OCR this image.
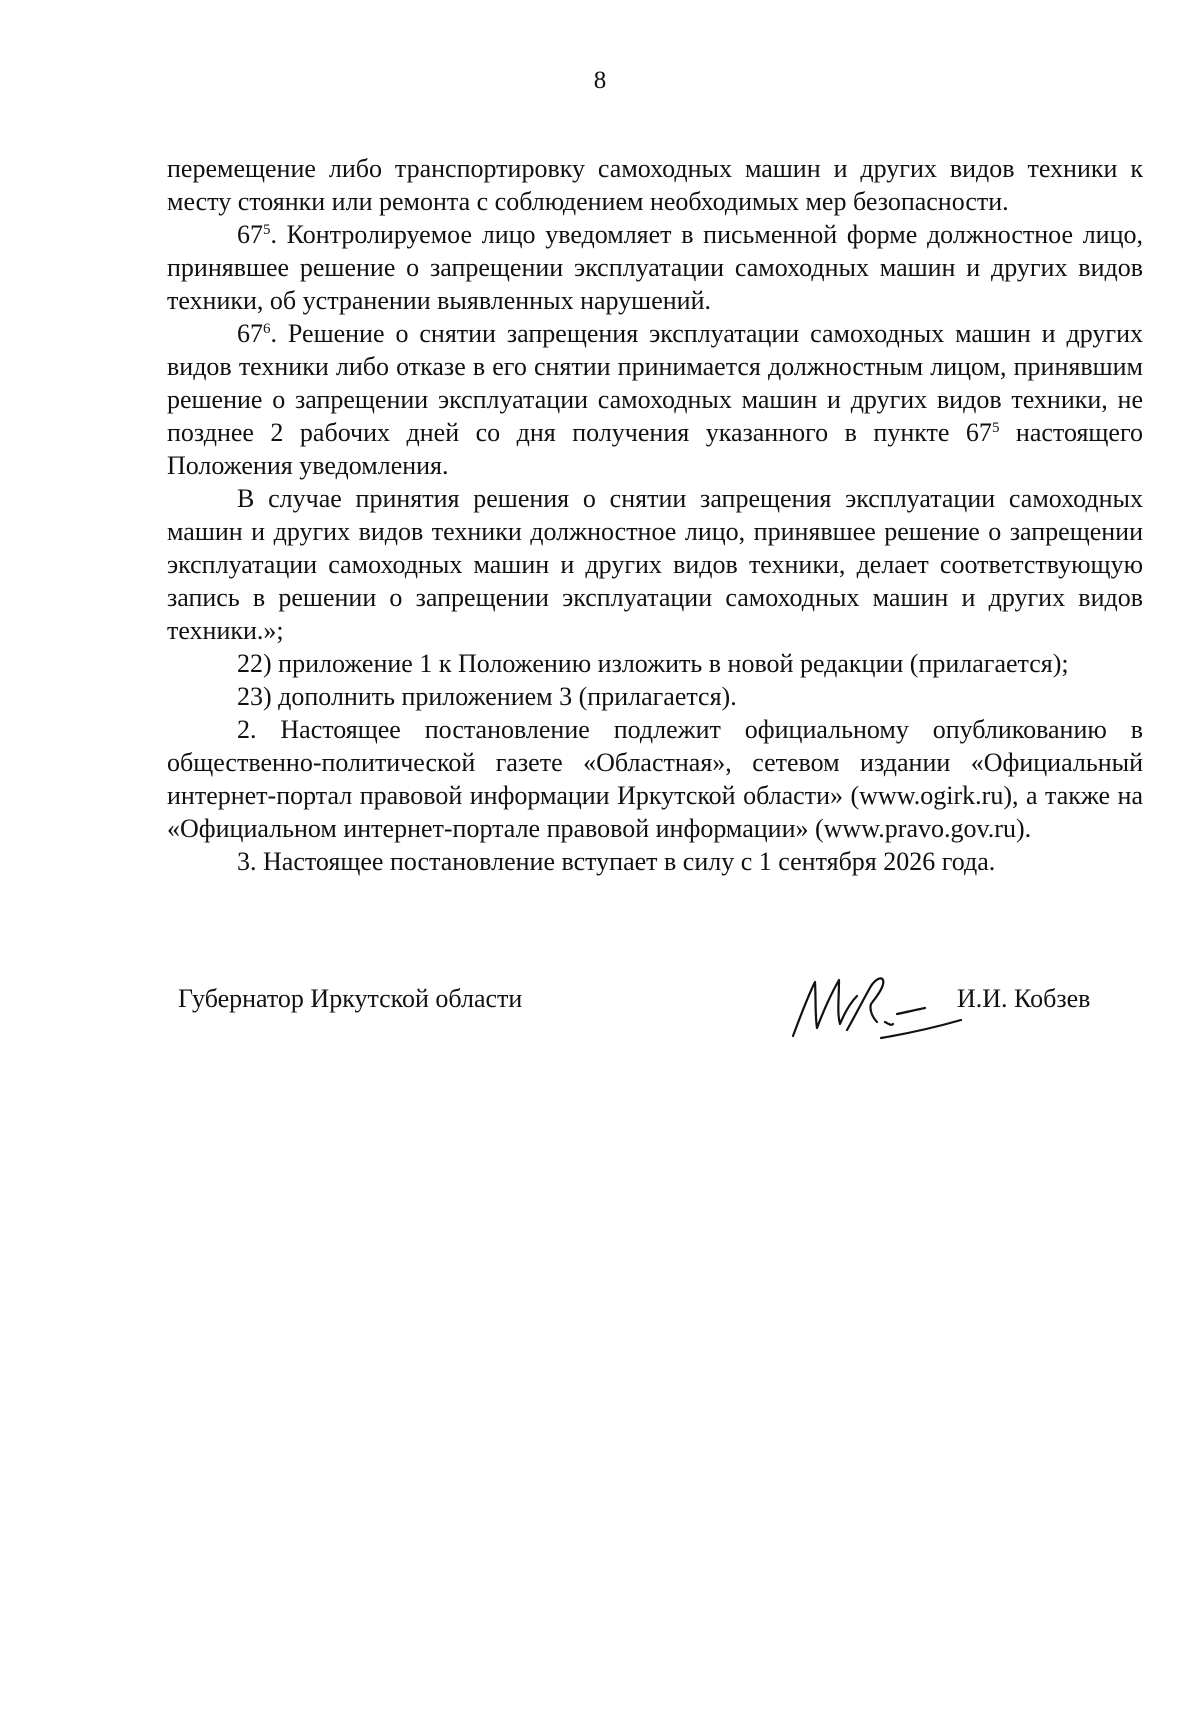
8

перемещение либо транспортировку самоходных машин и других видов техники к месту стоянки или ремонта с соблюдением необходимых мер безопасности.

$67^5$. Контролируемое лицо уведомляет в письменной форме должностное лицо, принявшее решение о запрещении эксплуатации самоходных машин и других видов техники, об устранении выявленных нарушений.

$67^6$. Решение о снятии запрещения эксплуатации самоходных машин и других видов техники либо отказе в его снятии принимается должностным лицом, принявшим решение о запрещении эксплуатации самоходных машин и других видов техники, не позднее 2 рабочих дней со дня получения указанного в пункте $67^5$ настоящего Положения уведомления.

В случае принятия решения о снятии запрещения эксплуатации самоходных машин и других видов техники должностное лицо, принявшее решение о запрещении эксплуатации самоходных машин и других видов техники, делает соответствующую запись в решении о запрещении эксплуатации самоходных машин и других видов техники.»;

22) приложение 1 к Положению изложить в новой редакции (прилагается);

23) дополнить приложением 3 (прилагается).

2. Настоящее постановление подлежит официальному опубликованию в общественно-политической газете «Областная», сетевом издании «Официальный интернет-портал правовой информации Иркутской области» (www.ogirk.ru), а также на «Официальном интернет-портале правовой информации» (www.pravo.gov.ru).

3. Настоящее постановление вступает в силу с 1 сентября 2026 года.

Губернатор Иркутской области	И.И. Кобзев
